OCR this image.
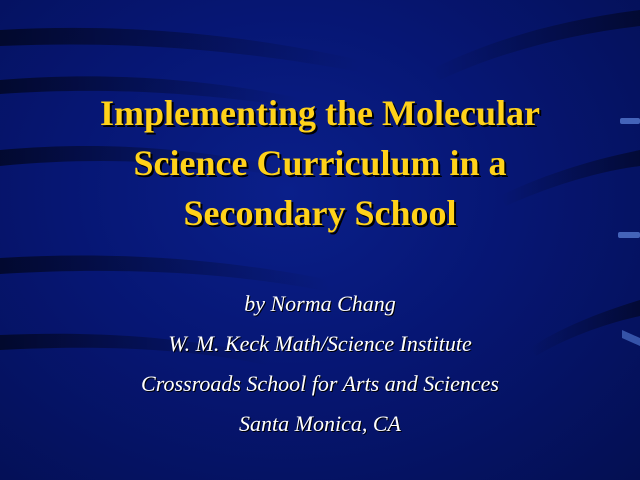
Implementing the Molecular
Science Curriculum in a
Secondary School
by Norma Chang
W. M. Keck Math/Science Institute
Crossroads School for Arts and Sciences
Santa Monica, CA
